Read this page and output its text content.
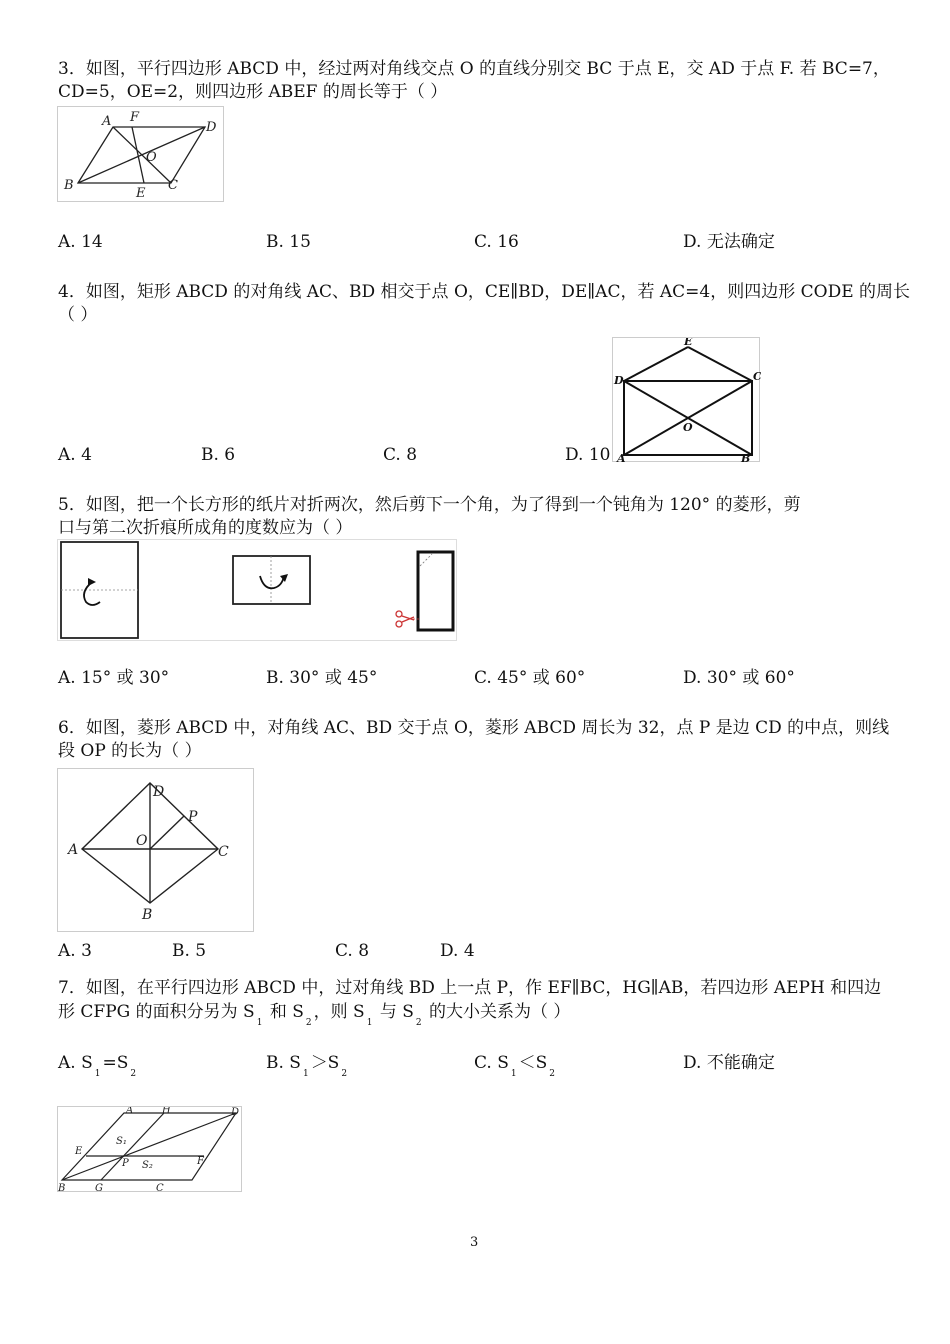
3．如图，平行四边形 ABCD 中，经过两对角线交点 O 的直线分别交 BC 于点 E，交 AD 于点 F. 若 BC=7，
CD=5，OE=2，则四边形 ABEF 的周长等于（ ）
A F
D
O
B
E
C
A. 14	B. 15	C. 16	D. 无法确定
4．如图，矩形 ABCD 的对角线 AC、BD 相交于点 O，CE∥BD，DE∥AC，若 AC=4，则四边形 CODE 的周长
（ ）
E
D	C
O
A	B
A. 4	B. 6	C. 8	D. 10
5．如图，把一个长方形的纸片对折两次，然后剪下一个角，为了得到一个钝角为 120° 的菱形，剪
口与第二次折痕所成角的度数应为（ ）
A. 15° 或 30°	B. 30° 或 45°	C. 45° 或 60°	D. 30° 或 60°
6．如图，菱形 ABCD 中，对角线 AC、BD 交于点 O，菱形 ABCD 周长为 32，点 P 是边 CD 的中点，则线
段 OP 的长为（ ）
D
P
A
O
C
B
A. 3	B. 5	C. 8	D. 4
7．如图，在平行四边形 ABCD 中，过对角线 BD 上一点 P，作 EF∥BC，HG∥AB，若四边形 AEPH 和四边
形 CFPG 的面积分另为 $S_1$ 和 $S_2$，则 $S_1$ 与 $S_2$ 的大小关系为（ ）
A. $S_1=S_2$
B. $S_1>S_2$
C. $S_1<S_2$
D. 不能确定
A	H	D
E
S₁
P S₂	F
B	G	C
3
